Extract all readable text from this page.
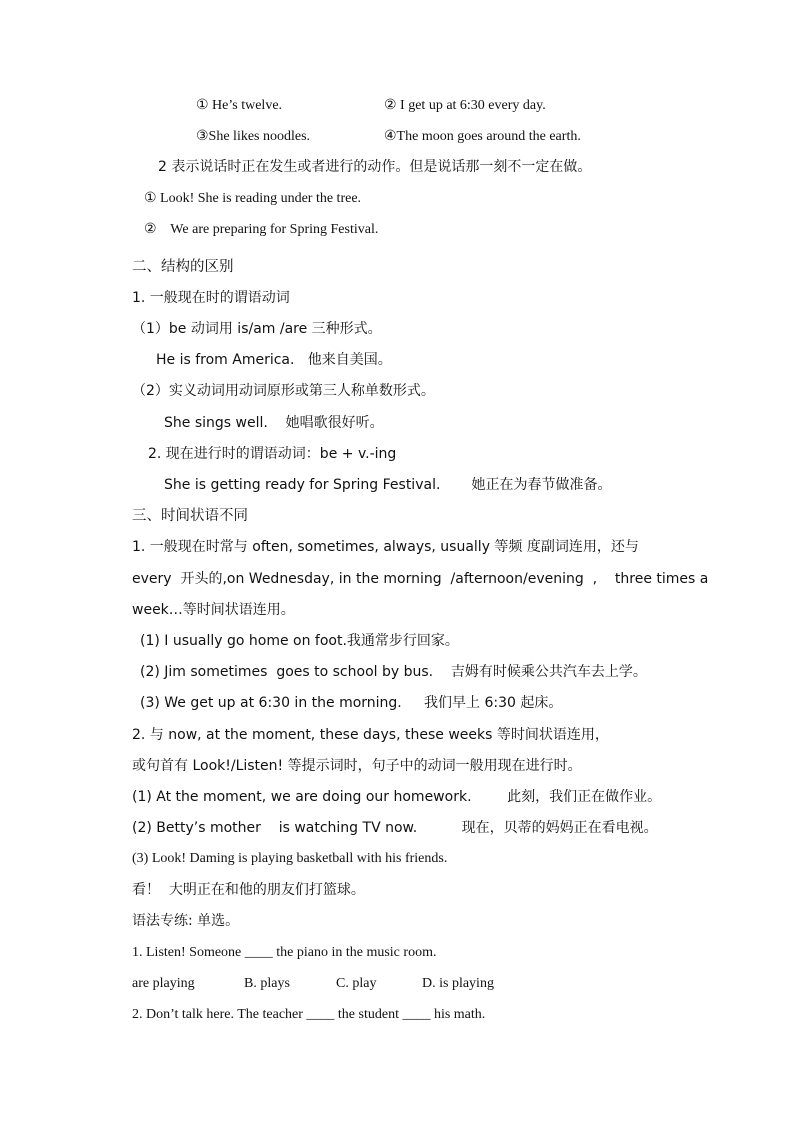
① He’s twelve.	② I get up at 6:30 every day.
③She likes noodles.	④The moon goes around the earth.
2 表示说话时正在发生或者进行的动作。但是说话那一刻不一定在做。
① Look! She is reading under the tree.
②    We are preparing for Spring Festival.
二、结构的区别
1. 一般现在时的谓语动词
（1）be 动词用 is/am /are 三种形式。
He is from America.   他来自美国。
（2）实义动词用动词原形或第三人称单数形式。
She sings well.    她唱歌很好听。
2. 现在进行时的谓语动词：be + v.-ing
She is getting ready for Spring Festival.       她正在为春节做准备。
三、时间状语不同
1. 一般现在时常与 often, sometimes, always, usually 等频 度副词连用，还与
every  开头的,on Wednesday, in the morning  /afternoon/evening  ,    three times a
week…等时间状语连用。
(1) I usually go home on foot.我通常步行回家。
(2) Jim sometimes  goes to school by bus.    吉姆有时候乘公共汽车去上学。
(3) We get up at 6:30 in the morning.     我们早上 6:30 起床。
2. 与 now, at the moment, these days, these weeks 等时间状语连用，
或句首有 Look!/Listen! 等提示词时，句子中的动词一般用现在进行时。
(1) At the moment, we are doing our homework.        此刻，我们正在做作业。
(2) Betty’s mother    is watching TV now.          现在，贝蒂的妈妈正在看电视。
(3) Look! Daming is playing basketball with his friends.
看！  大明正在和他的朋友们打篮球。
语法专练: 单选。
1. Listen! Someone ____ the piano in the music room.
are playing	B. plays	C. play	D. is playing
2. Don’t talk here. The teacher ____ the student ____ his math.
